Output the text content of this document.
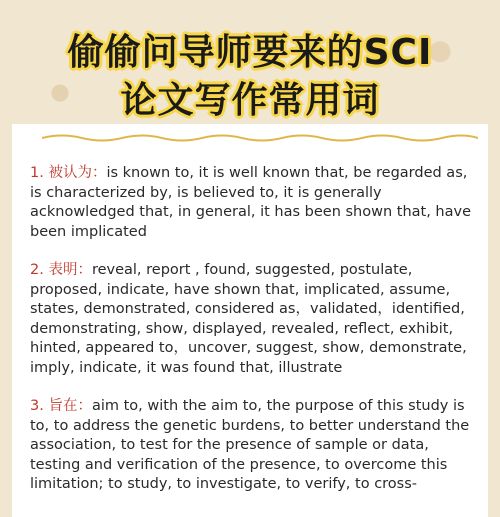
偷偷问导师要来的SCI
论文写作常用词

1. 被认为：is known to, it is well known that, be regarded as, is characterized by, is believed to, it is generally acknowledged that, in general, it has been shown that, have been implicated

2. 表明：reveal, report , found, suggested, postulate, proposed, indicate, have shown that, implicated, assume, states, demonstrated, considered as，validated，identified, demonstrating, show, displayed, revealed, reflect, exhibit, hinted, appeared to，uncover, suggest, show, demonstrate, imply, indicate, it was found that, illustrate

3. 旨在：aim to, with the aim to, the purpose of this study is to, to address the genetic burdens, to better understand the association, to test for the presence of sample or data, testing and verification of the presence, to overcome this limitation; to study, to investigate, to verify, to cross-
